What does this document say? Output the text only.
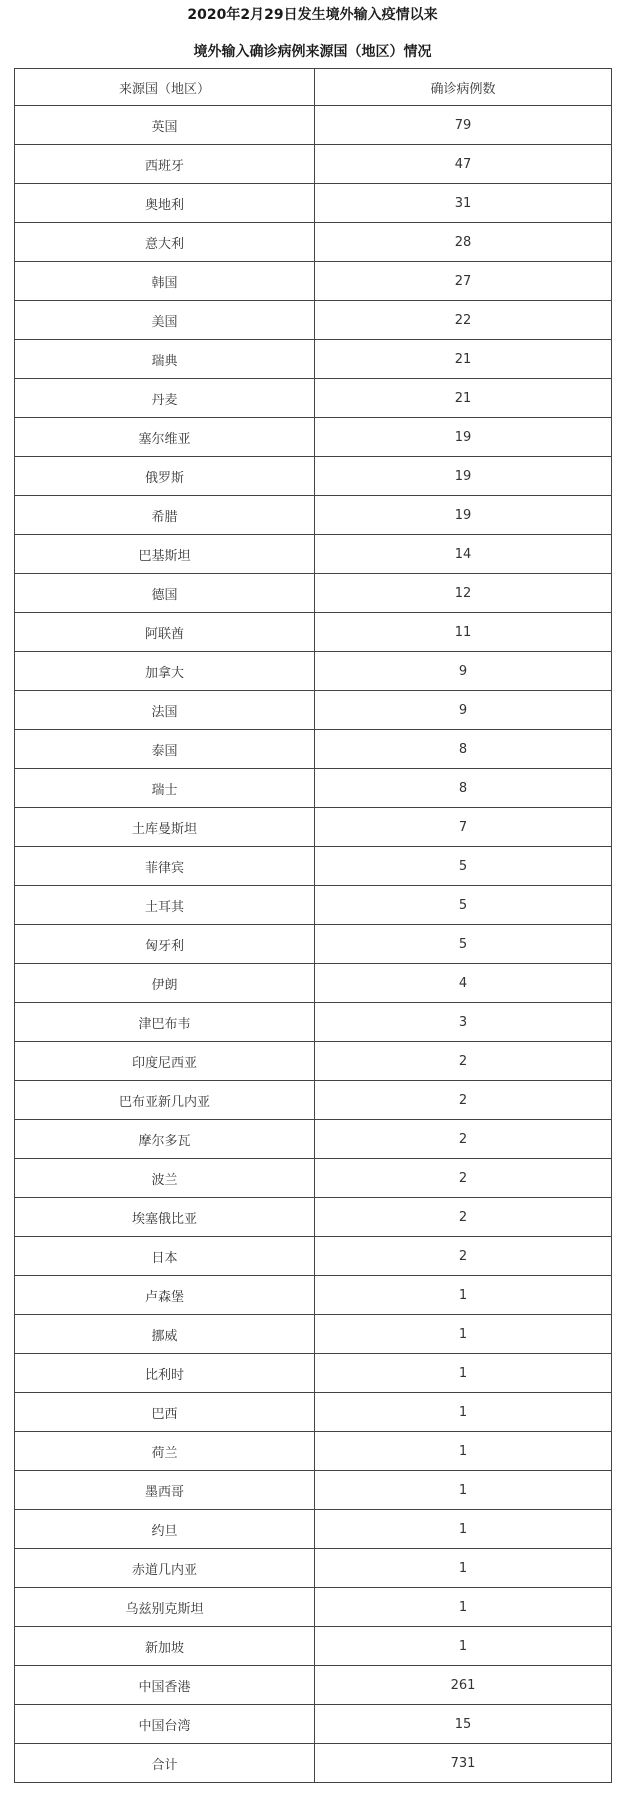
2020年2月29日发生境外输入疫情以来
境外输入确诊病例来源国（地区）情况
来源国（地区）	确诊病例数
英国	79
西班牙	47
奥地利	31
意大利	28
韩国	27
美国	22
瑞典	21
丹麦	21
塞尔维亚	19
俄罗斯	19
希腊	19
巴基斯坦	14
德国	12
阿联酋	11
加拿大	9
法国	9
泰国	8
瑞士	8
土库曼斯坦	7
菲律宾	5
土耳其	5
匈牙利	5
伊朗	4
津巴布韦	3
印度尼西亚	2
巴布亚新几内亚	2
摩尔多瓦	2
波兰	2
埃塞俄比亚	2
日本	2
卢森堡	1
挪威	1
比利时	1
巴西	1
荷兰	1
墨西哥	1
约旦	1
赤道几内亚	1
乌兹别克斯坦	1
新加坡	1
中国香港	261
中国台湾	15
合计	731
